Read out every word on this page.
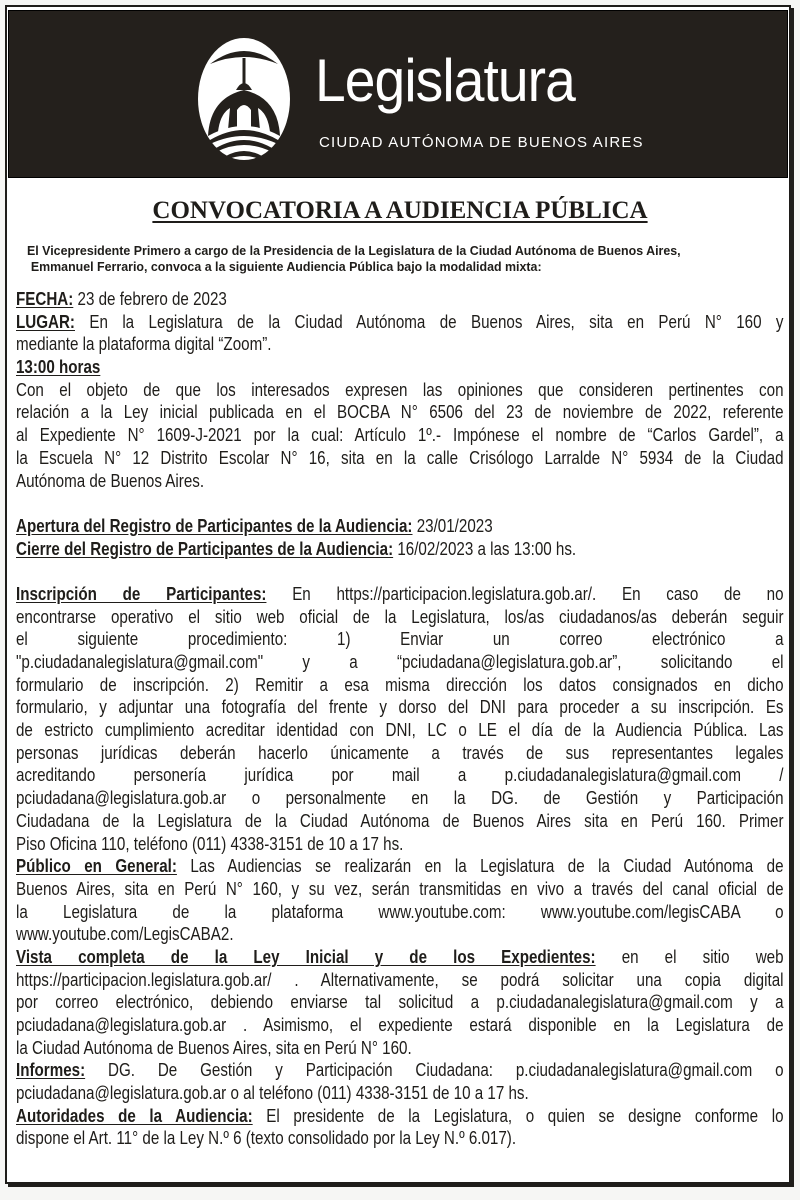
Legislatura
CIUDAD AUTÓNOMA DE BUENOS AIRES
CONVOCATORIA A AUDIENCIA PÚBLICA
El Vicepresidente Primero a cargo de la Presidencia de la Legislatura de la Ciudad Autónoma de Buenos Aires,
Emmanuel Ferrario, convoca a la siguiente Audiencia Pública bajo la modalidad mixta:
FECHA: 23 de febrero de 2023
LUGAR: En la Legislatura de la Ciudad Autónoma de Buenos Aires, sita en Perú N° 160 y
mediante la plataforma digital “Zoom”.
13:00 horas
Con el objeto de que los interesados expresen las opiniones que consideren pertinentes con
relación a la Ley inicial publicada en el BOCBA N° 6506 del 23 de noviembre de 2022, referente
al Expediente N° 1609-J-2021 por la cual: Artículo 1º.- Impónese el nombre de “Carlos Gardel”, a
la Escuela N° 12 Distrito Escolar N° 16, sita en la calle Crisólogo Larralde N° 5934 de la Ciudad
Autónoma de Buenos Aires.
Apertura del Registro de Participantes de la Audiencia: 23/01/2023
Cierre del Registro de Participantes de la Audiencia: 16/02/2023 a las 13:00 hs.
Inscripción de Participantes: En https://participacion.legislatura.gob.ar/. En caso de no
encontrarse operativo el sitio web oficial de la Legislatura, los/as ciudadanos/as deberán seguir
el siguiente procedimiento: 1) Enviar un correo electrónico a
"p.ciudadanalegislatura@gmail.com" y a “pciudadana@legislatura.gob.ar”, solicitando el
formulario de inscripción. 2) Remitir a esa misma dirección los datos consignados en dicho
formulario, y adjuntar una fotografía del frente y dorso del DNI para proceder a su inscripción. Es
de estricto cumplimiento acreditar identidad con DNI, LC o LE el día de la Audiencia Pública. Las
personas jurídicas deberán hacerlo únicamente a través de sus representantes legales
acreditando personería jurídica por mail a p.ciudadanalegislatura@gmail.com /
pciudadana@legislatura.gob.ar o personalmente en la DG. de Gestión y Participación
Ciudadana de la Legislatura de la Ciudad Autónoma de Buenos Aires sita en Perú 160. Primer
Piso Oficina 110, teléfono (011) 4338-3151 de 10 a 17 hs.
Público en General: Las Audiencias se realizarán en la Legislatura de la Ciudad Autónoma de
Buenos Aires, sita en Perú N° 160, y su vez, serán transmitidas en vivo a través del canal oficial de
la Legislatura de la plataforma www.youtube.com: www.youtube.com/legisCABA o
www.youtube.com/LegisCABA2.
Vista completa de la Ley Inicial y de los Expedientes: en el sitio web
https://participacion.legislatura.gob.ar/ . Alternativamente, se podrá solicitar una copia digital
por correo electrónico, debiendo enviarse tal solicitud a p.ciudadanalegislatura@gmail.com y a
pciudadana@legislatura.gob.ar . Asimismo, el expediente estará disponible en la Legislatura de
la Ciudad Autónoma de Buenos Aires, sita en Perú N° 160.
Informes: DG. De Gestión y Participación Ciudadana: p.ciudadanalegislatura@gmail.com o
pciudadana@legislatura.gob.ar o al teléfono (011) 4338-3151 de 10 a 17 hs.
Autoridades de la Audiencia: El presidente de la Legislatura, o quien se designe conforme lo
dispone el Art. 11° de la Ley N.º 6 (texto consolidado por la Ley N.º 6.017).
